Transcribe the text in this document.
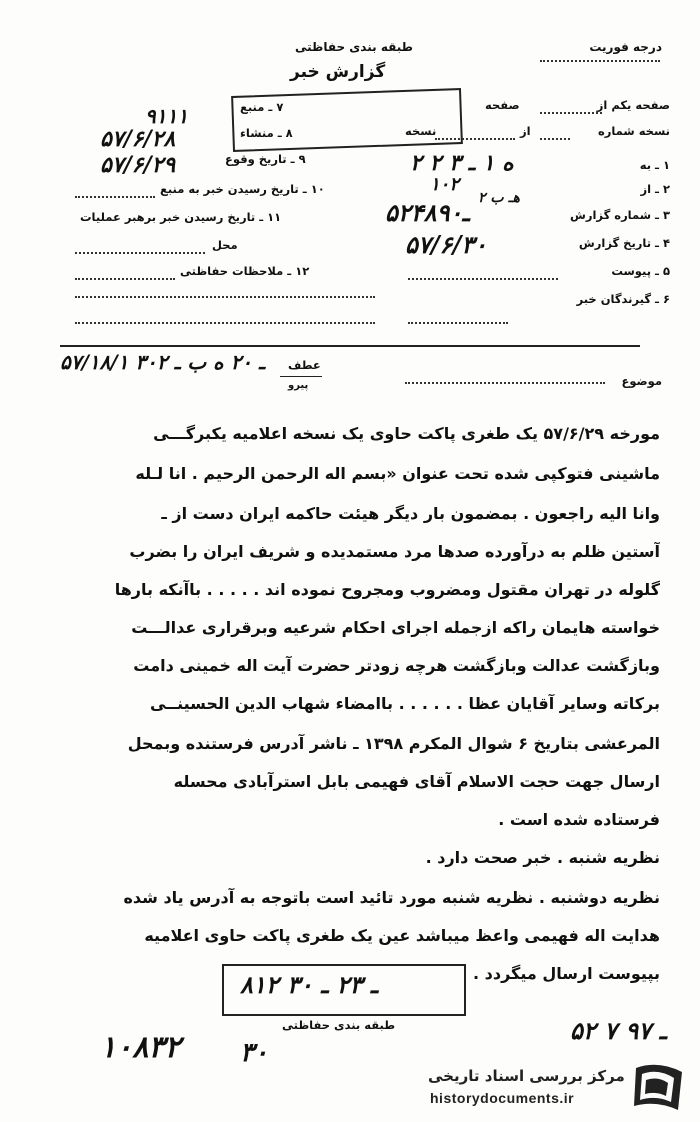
درجه فوریت
طبقه بندی حفاظتی
گزارش خبر
صفحه یکم از
صفحه
نسخه شماره
از
نسخه
۱ ـ به
۲ ـ از
۳ ـ شماره گزارش
۴ ـ تاریخ گزارش
۵ ـ پیوست
۶ ـ گیرندگان خبر
۲ ه ۱ ـ ۳ ۲
۱۰۲
۲ هـ ب
۵ـ۲۴۸۹۰
۵۷/۶/۳۰
۷ ـ منبع
۸ ـ منشاء
۹ ـ تاریخ وقوع
۱۰ ـ تاریخ رسیدن خبر به منبع
۱۱ ـ تاریخ رسیدن خبر برهبر عملیات
محل
۱۲ ـ ملاحظات حفاظتی
۹۱۱۱
۵۷/۶/۲۸
۵۷/۶/۲۹
۵۷/۱۸/۱ ـ ۲۰ ه ب ـ ۳۰۲ عطف
پیرو	موضوع
مورخه ۵۷/۶/۲۹ یک طغری پاکت حاوی یک نسخه اعلامیه یکبرگـــی
ماشینی فتوکپی شده تحت عنوان «بسم اله الرحمن الرحیم . انا لـله
وانا الیه راجعون . بمضمون بار دیگر هیئت حاکمه ایران دست از ـ
آستین ظلم به درآورده صدها مرد مستمدیده و شریف ایران را بضرب
گلوله در تهران مقتول ومضروب ومجروح نموده اند . . . . . باآنکه بارها
خواسته هایمان راکه ازجمله اجرای احکام شرعیه وبرقراری عدالـــت
وبازگشت عدالت وبازگشت هرچه زودتر حضرت آیت اله خمینی دامت
برکاته وسایر آقایان عظا . . . . . . باامضاء شهاب الدین الحسینــی
المرعشی بتاریخ ۶ شوال المکرم ۱۳۹۸ ـ ناشر آدرس فرستنده وبمحل
ارسال جهت حجت الاسلام آقای فهیمی بابل استرآبادی محسله
فرستاده شده است .
نظریه شنبه . خبر صحت دارد .
نظریه دوشنبه . نظریه شنبه مورد تائید است باتوجه به آدرس یاد شده
هدایت اله فهیمی واعظ میباشد عین یک طغری پاکت حاوی اعلامیه
بپیوست ارسال میگردد .
۸۱۲ ـ ۲۳ ـ ۳۰
طبقه بندی حفاظتی
۱۰۸۳۲ ۳۰
۵۲ ـ ۹۷ ۷
مرکز بررسی اسناد تاریخی
historydocuments.ir
